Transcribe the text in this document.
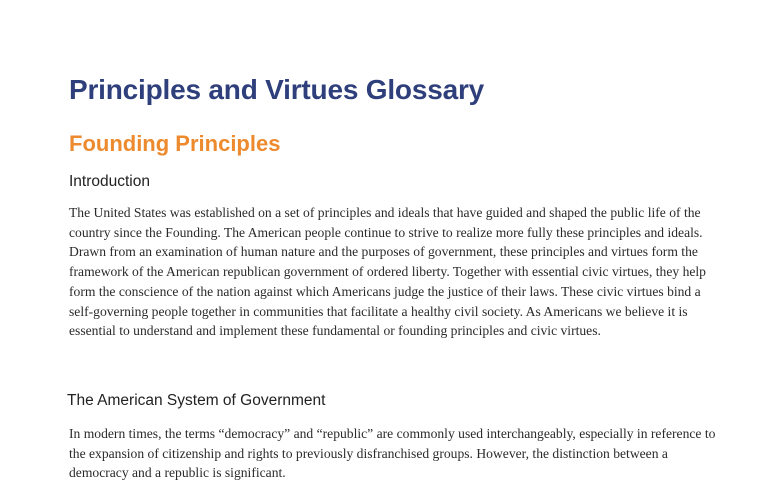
Principles and Virtues Glossary
Founding Principles
Introduction

The United States was established on a set of principles and ideals that have guided and shaped the public life of the country since the Founding. The American people continue to strive to realize more fully these principles and ideals. Drawn from an examination of human nature and the purposes of government, these principles and virtues form the framework of the American republican government of ordered liberty. Together with essential civic virtues, they help form the conscience of the nation against which Americans judge the justice of their laws. These civic virtues bind a self-governing people together in communities that facilitate a healthy civil society. As Americans we believe it is essential to understand and implement these fundamental or founding principles and civic virtues.

The American System of Government

In modern times, the terms “democracy” and “republic” are commonly used interchangeably, especially in reference to the expansion of citizenship and rights to previously disfranchised groups. However, the distinction between a democracy and a republic is significant.
